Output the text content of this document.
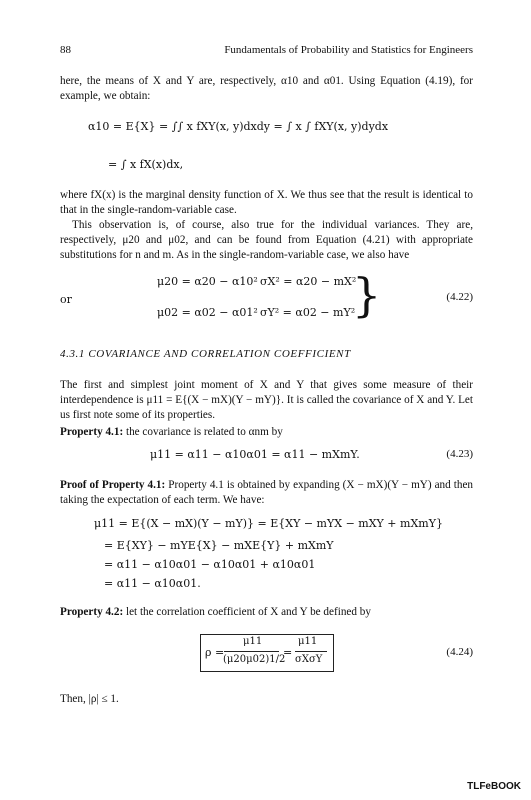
88	Fundamentals of Probability and Statistics for Engineers
here, the means of X and Y are, respectively, α10 and α01. Using Equation (4.19), for example, we obtain:
α10 = E{X} = ∫∫ x fXY(x, y)dxdy = ∫ x ∫ fXY(x, y)dydx
= ∫ x fX(x)dx,
where fX(x) is the marginal density function of X. We thus see that the result is identical to that in the single-random-variable case.
This observation is, of course, also true for the individual variances. They are, respectively, μ20 and μ02, and can be found from Equation (4.21) with appropriate substitutions for n and m. As in the single-random-variable case, we also have
μ20 = α20 − α10² σX² = α20 − mX²
or
μ02 = α02 − α01² σY² = α02 − mY²
}	(4.22)
4.3.1 COVARIANCE AND CORRELATION COEFFICIENT
The first and simplest joint moment of X and Y that gives some measure of their interdependence is μ11 = E{(X − mX)(Y − mY)}. It is called the covariance of X and Y. Let us first note some of its properties.
Property 4.1: the covariance is related to αnm by
μ11 = α11 − α10α01 = α11 − mXmY.	(4.23)
Proof of Property 4.1: Property 4.1 is obtained by expanding (X − mX)(Y − mY) and then taking the expectation of each term. We have:
μ11 = E{(X − mX)(Y − mY)} = E{XY − mYX − mXY + mXmY}
= E{XY} − mYE{X} − mXE{Y} + mXmY
= α11 − α10α01 − α10α01 + α10α01
= α11 − α10α01.
Property 4.2: let the correlation coefficient of X and Y be defined by
ρ =
μ11
(μ20μ02)1/2
=
μ11
σXσY
(4.24)
Then, |ρ| ≤ 1.
TLFeBOOK
